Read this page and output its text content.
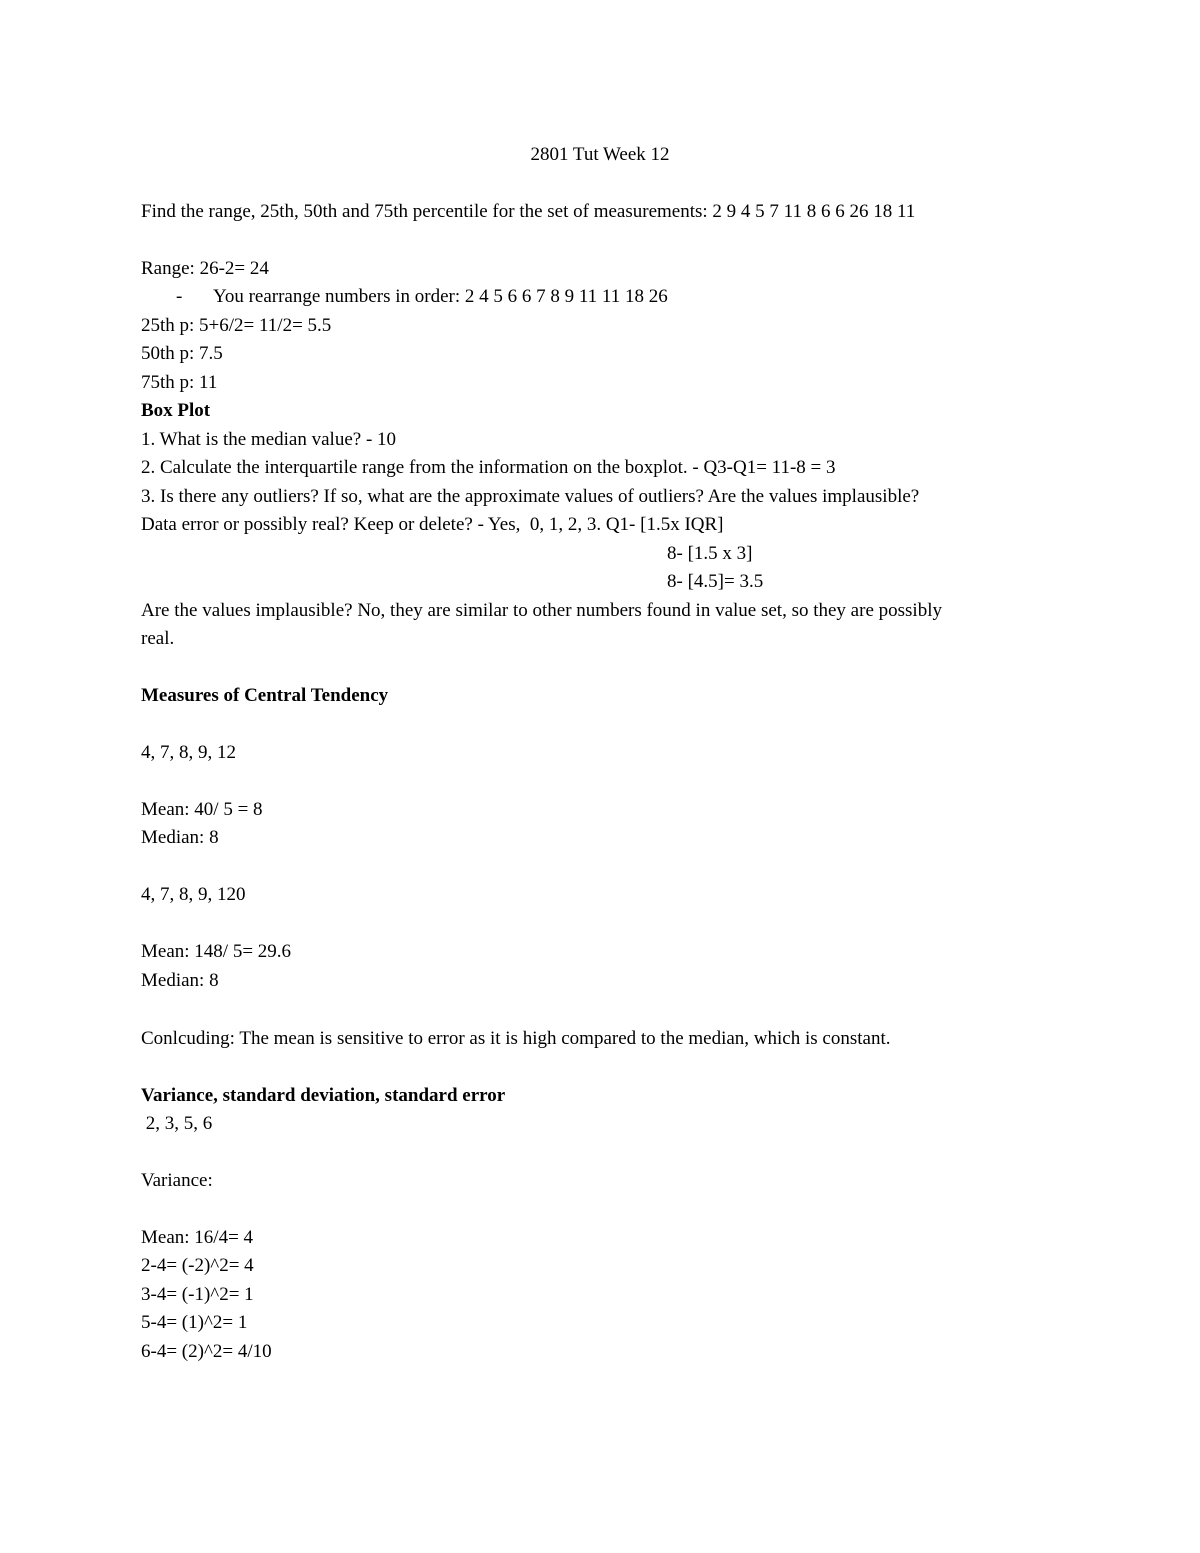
2801 Tut Week 12
Find the range, 25th, 50th and 75th percentile for the set of measurements: 2 9 4 5 7 11 8 6 6 26 18 11
Range: 26-2= 24
- You rearrange numbers in order: 2 4 5 6 6 7 8 9 11 11 18 26
25th p: 5+6/2= 11/2= 5.5
50th p: 7.5
75th p: 11
Box Plot
1. What is the median value? - 10
2. Calculate the interquartile range from the information on the boxplot. - Q3-Q1= 11-8 = 3
3. Is there any outliers? If so, what are the approximate values of outliers? Are the values implausible?
Data error or possibly real? Keep or delete? - Yes,  0, 1, 2, 3. Q1- [1.5x IQR]
8- [1.5 x 3]
8- [4.5]= 3.5
Are the values implausible? No, they are similar to other numbers found in value set, so they are possibly
real.
Measures of Central Tendency
4, 7, 8, 9, 12
Mean: 40/ 5 = 8
Median: 8
4, 7, 8, 9, 120
Mean: 148/ 5= 29.6
Median: 8
Conlcuding: The mean is sensitive to error as it is high compared to the median, which is constant.
Variance, standard deviation, standard error
2, 3, 5, 6
Variance:
Mean: 16/4= 4
2-4= (-2)^2= 4
3-4= (-1)^2= 1
5-4= (1)^2= 1
6-4= (2)^2= 4/10
